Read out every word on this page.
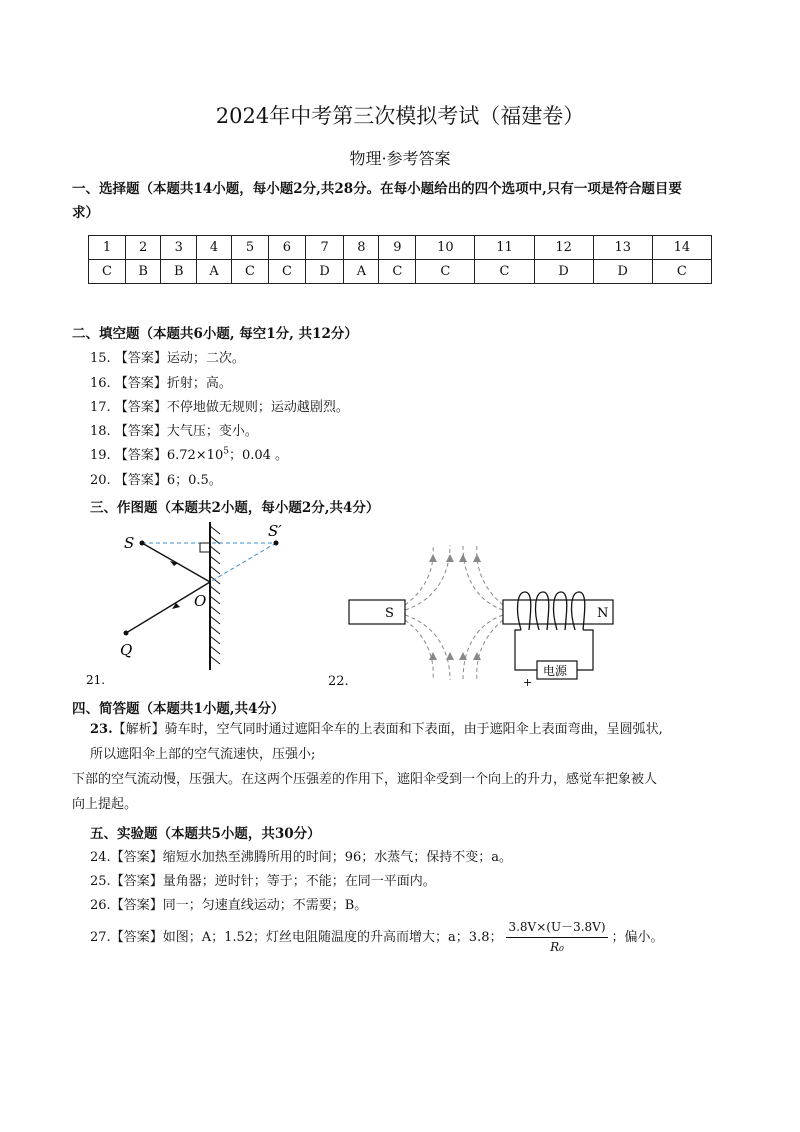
2024年中考第三次模拟考试（福建卷）
物理·参考答案
一、选择题（本题共14小题，每小题2分,共28分。在每小题给出的四个选项中,只有一项是符合题目要
求）
1	2	3	4	5	6	7	8	9	10	11	12	13	14
C	B	B	A	C	C	D	A	C	C	C	D	D	C
二、填空题（本题共6小题, 每空1分, 共12分）
15. 【答案】运动；二次。
16. 【答案】折射；高。
17. 【答案】不停地做无规则；运动越剧烈。
18. 【答案】大气压；变小。
19. 【答案】$6.72\times 10^5$；0.04 。
20. 【答案】6；0.5。
三、作图题（本题共2小题，每小题2分,共4分）
S
S′
O
Q
21.
S	N
电源
+
22.
四、简答题（本题共1小题,共4分）
23.【解析】骑车时，空气同时通过遮阳伞车的上表面和下表面，由于遮阳伞上表面弯曲，呈圆弧状,
所以遮阳伞上部的空气流速快，压强小;
下部的空气流动慢，压强大。在这两个压强差的作用下，遮阳伞受到一个向上的升力，感觉车把象被人
向上提起。
五、实验题（本题共5小题，共30分）
24.【答案】缩短水加热至沸腾所用的时间；96；水蒸气；保持不变；a。
25.【答案】量角器；逆时针；等于；不能；在同一平面内。
26.【答案】同一；匀速直线运动；不需要；B。
27.【答案】如图；A；1.52；灯丝电阻随温度的升高而增大；a；3.8； $\frac{3.8V\times(U-3.8V)}{\text{R₀}}$ ；偏小。
